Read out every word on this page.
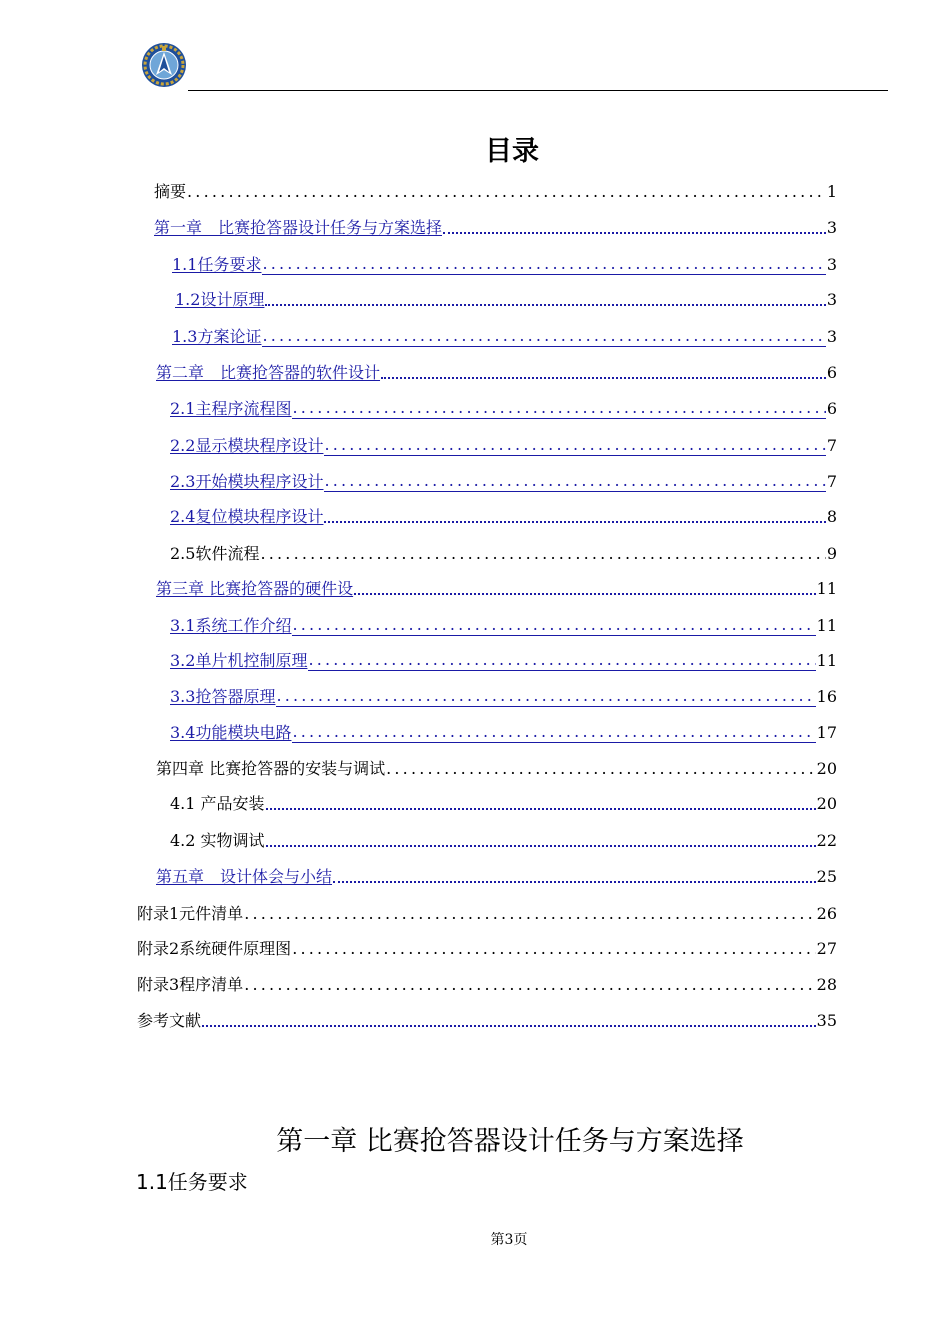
目录
摘要 .....	1
第一章　比赛抢答器设计任务与方案选择	3
1.1任务要求 .....	3
1.2设计原理	3
1.3方案论证 .....	3
第二章　比赛抢答器的软件设计	6
2.1主程序流程图 .....	6
2.2显示模块程序设计 .....	7
2.3开始模块程序设计 .....	7
2.4复位模块程序设计	8
2.5软件流程 .....	9
第三章 比赛抢答器的硬件设	11
3.1系统工作介绍 .....	11
3.2单片机控制原理 .....	11
3.3抢答器原理 .....	16
3.4功能模块电路 .....	17
第四章 比赛抢答器的安装与调试 .....	20
4.1 产品安装	20
4.2 实物调试	22
第五章　设计体会与小结	25
附录1元件清单 .....	26
附录2系统硬件原理图 .....	27
附录3程序清单 .....	28
参考文献	35
第一章 比赛抢答器设计任务与方案选择
1.1任务要求
第3页
